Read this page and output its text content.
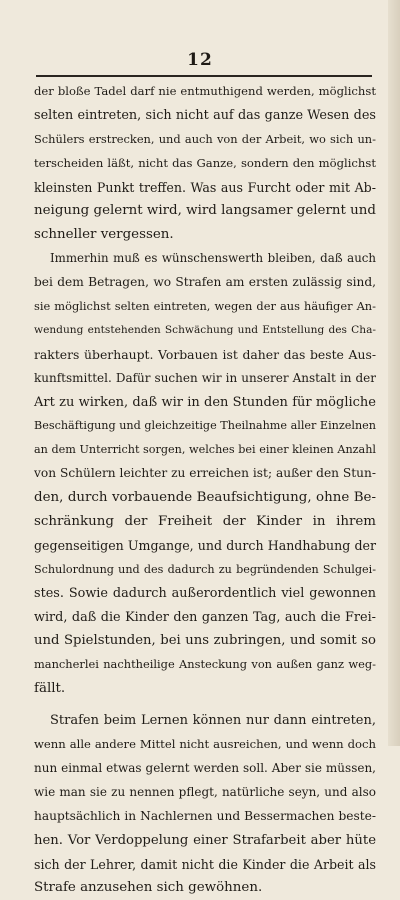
12
der bloße Tadel darf nie entmuthigend werden, möglichst
selten eintreten, sich nicht auf das ganze Wesen des
Schülers erstrecken, und auch von der Arbeit, wo sich un-
terscheiden läßt, nicht das Ganze, sondern den möglichst
kleinsten Punkt treffen. Was aus Furcht oder mit Ab-
neigung gelernt wird, wird langsamer gelernt und
schneller vergessen.
Immerhin muß es wünschenswerth bleiben, daß auch
bei dem Betragen, wo Strafen am ersten zulässig sind,
sie möglichst selten eintreten, wegen der aus häufiger An-
wendung entstehenden Schwächung und Entstellung des Cha-
rakters überhaupt. Vorbauen ist daher das beste Aus-
kunftsmittel. Dafür suchen wir in unserer Anstalt in der
Art zu wirken, daß wir in den Stunden für mögliche
Beschäftigung und gleichzeitige Theilnahme aller Einzelnen
an dem Unterricht sorgen, welches bei einer kleinen Anzahl
von Schülern leichter zu erreichen ist; außer den Stun-
den, durch vorbauende Beaufsichtigung, ohne Be-
schränkung der Freiheit der Kinder in ihrem
gegenseitigen Umgange, und durch Handhabung der
Schulordnung und des dadurch zu begründenden Schulgei-
stes. Sowie dadurch außerordentlich viel gewonnen
wird, daß die Kinder den ganzen Tag, auch die Frei-
und Spielstunden, bei uns zubringen, und somit so
mancherlei nachtheilige Ansteckung von außen ganz weg-
fällt.
Strafen beim Lernen können nur dann eintreten,
wenn alle andere Mittel nicht ausreichen, und wenn doch
nun einmal etwas gelernt werden soll. Aber sie müssen,
wie man sie zu nennen pflegt, natürliche seyn, und also
hauptsächlich in Nachlernen und Bessermachen beste-
hen. Vor Verdoppelung einer Strafarbeit aber hüte
sich der Lehrer, damit nicht die Kinder die Arbeit als
Strafe anzusehen sich gewöhnen.
